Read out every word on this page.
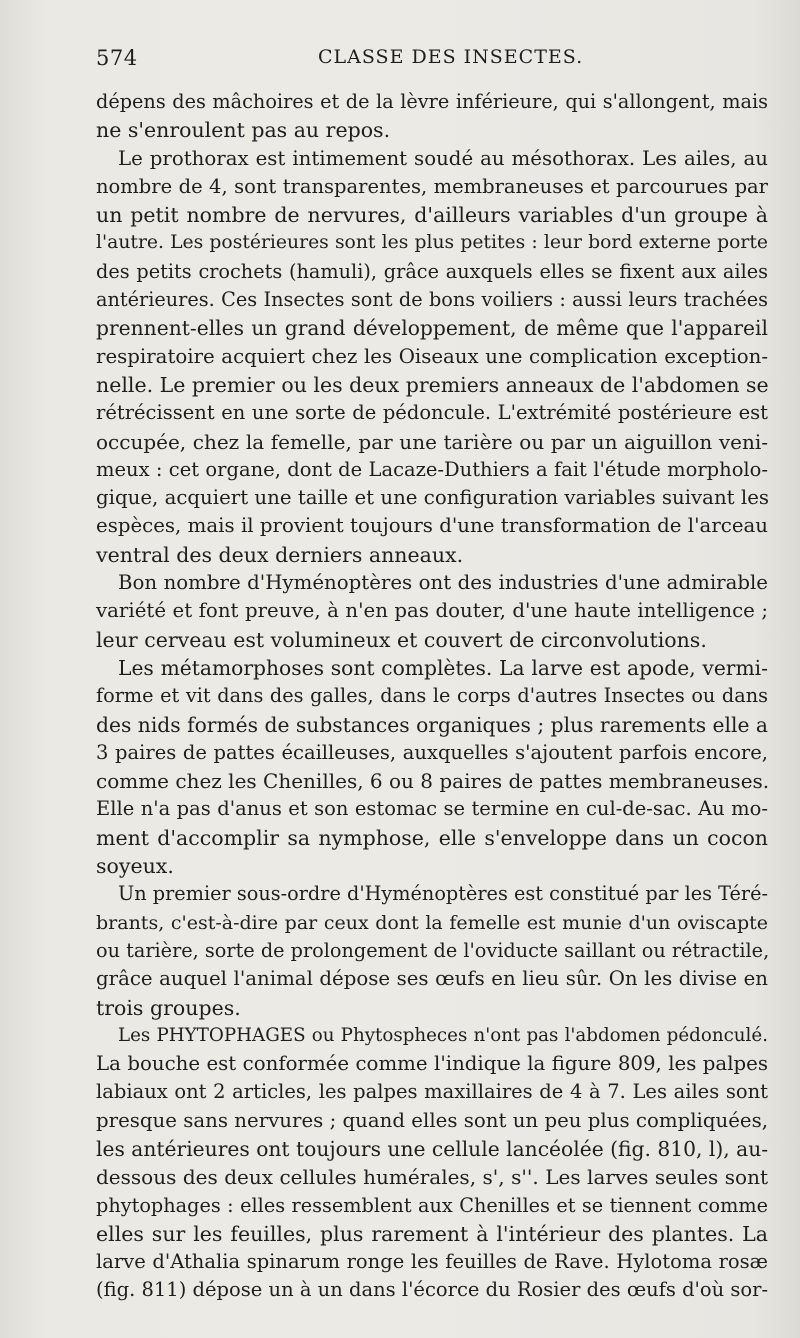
574	CLASSE DES INSECTES.
dépens des mâchoires et de la lèvre inférieure, qui s'allongent, mais
ne s'enroulent pas au repos.
Le prothorax est intimement soudé au mésothorax. Les ailes, au
nombre de 4, sont transparentes, membraneuses et parcourues par
un petit nombre de nervures, d'ailleurs variables d'un groupe à
l'autre. Les postérieures sont les plus petites : leur bord externe porte
des petits crochets (hamuli), grâce auxquels elles se fixent aux ailes
antérieures. Ces Insectes sont de bons voiliers : aussi leurs trachées
prennent-elles un grand développement, de même que l'appareil
respiratoire acquiert chez les Oiseaux une complication exception-
nelle. Le premier ou les deux premiers anneaux de l'abdomen se
rétrécissent en une sorte de pédoncule. L'extrémité postérieure est
occupée, chez la femelle, par une tarière ou par un aiguillon veni-
meux : cet organe, dont de Lacaze-Duthiers a fait l'étude morpholo-
gique, acquiert une taille et une configuration variables suivant les
espèces, mais il provient toujours d'une transformation de l'arceau
ventral des deux derniers anneaux.
Bon nombre d'Hyménoptères ont des industries d'une admirable
variété et font preuve, à n'en pas douter, d'une haute intelligence ;
leur cerveau est volumineux et couvert de circonvolutions.
Les métamorphoses sont complètes. La larve est apode, vermi-
forme et vit dans des galles, dans le corps d'autres Insectes ou dans
des nids formés de substances organiques ; plus rarements elle a
3 paires de pattes écailleuses, auxquelles s'ajoutent parfois encore,
comme chez les Chenilles, 6 ou 8 paires de pattes membraneuses.
Elle n'a pas d'anus et son estomac se termine en cul-de-sac. Au mo-
ment d'accomplir sa nymphose, elle s'enveloppe dans un cocon
soyeux.
Un premier sous-ordre d'Hyménoptères est constitué par les Téré-
brants, c'est-à-dire par ceux dont la femelle est munie d'un oviscapte
ou tarière, sorte de prolongement de l'oviducte saillant ou rétractile,
grâce auquel l'animal dépose ses œufs en lieu sûr. On les divise en
trois groupes.
Les PHYTOPHAGES ou Phytospheces n'ont pas l'abdomen pédonculé.
La bouche est conformée comme l'indique la figure 809, les palpes
labiaux ont 2 articles, les palpes maxillaires de 4 à 7. Les ailes sont
presque sans nervures ; quand elles sont un peu plus compliquées,
les antérieures ont toujours une cellule lancéolée (fig. 810, l), au-
dessous des deux cellules humérales, s', s''. Les larves seules sont
phytophages : elles ressemblent aux Chenilles et se tiennent comme
elles sur les feuilles, plus rarement à l'intérieur des plantes. La
larve d'Athalia spinarum ronge les feuilles de Rave. Hylotoma rosæ
(fig. 811) dépose un à un dans l'écorce du Rosier des œufs d'où sor-
